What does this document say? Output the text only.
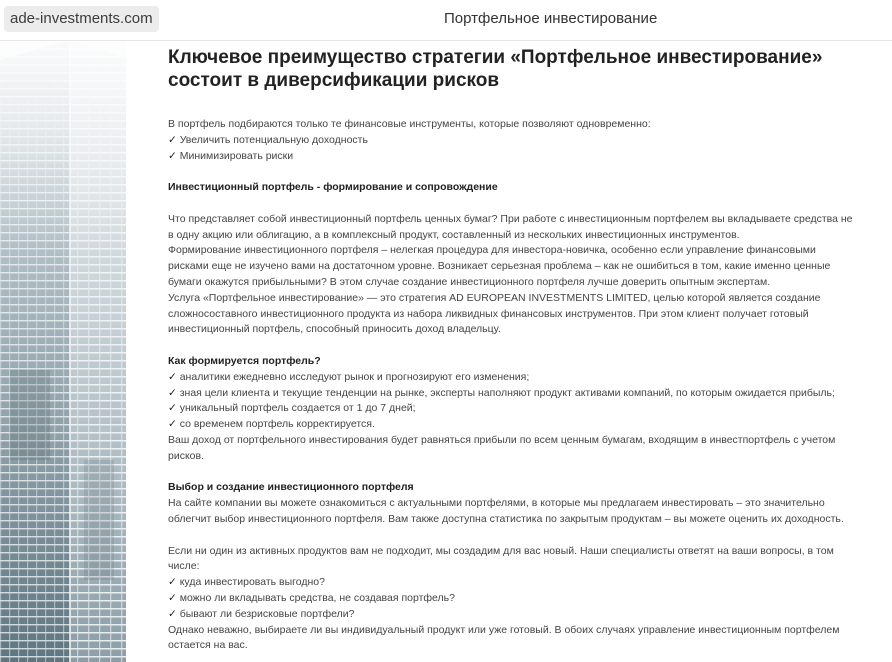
ade-investments.com	Портфельное инвестирование
Ключевое преимущество стратегии «Портфельное инвестирование»
состоит в диверсификации рисков
В портфель подбираются только те финансовые инструменты, которые позволяют одновременно:
✓ Увеличить потенциальную доходность
✓ Минимизировать риски
Инвестиционный портфель - формирование и сопровождение
Что представляет собой инвестиционный портфель ценных бумаг? При работе с инвестиционным портфелем вы вкладываете средства не
в одну акцию или облигацию, а в комплексный продукт, составленный из нескольких инвестиционных инструментов.
Формирование инвестиционного портфеля – нелегкая процедура для инвестора-новичка, особенно если управление финансовыми
рисками еще не изучено вами на достаточном уровне. Возникает серьезная проблема – как не ошибиться в том, какие именно ценные
бумаги окажутся прибыльными? В этом случае создание инвестиционного портфеля лучше доверить опытным экспертам.
Услуга «Портфельное инвестирование» — это стратегия AD EUROPEAN INVESTMENTS LIMITED, целью которой является создание
сложносоставного инвестиционного продукта из набора ликвидных финансовых инструментов. При этом клиент получает готовый
инвестиционный портфель, способный приносить доход владельцу.
Как формируется портфель?
✓ аналитики ежедневно исследуют рынок и прогнозируют его изменения;
✓ зная цели клиента и текущие тенденции на рынке, эксперты наполняют продукт активами компаний, по которым ожидается прибыль;
✓ уникальный портфель создается от 1 до 7 дней;
✓ со временем портфель корректируется.
Ваш доход от портфельного инвестирования будет равняться прибыли по всем ценным бумагам, входящим в инвестпортфель с учетом
рисков.
Выбор и создание инвестиционного портфеля
На сайте компании вы можете ознакомиться с актуальными портфелями, в которые мы предлагаем инвестировать – это значительно
облегчит выбор инвестиционного портфеля. Вам также доступна статистика по закрытым продуктам – вы можете оценить их доходность.
Если ни один из активных продуктов вам не подходит, мы создадим для вас новый. Наши специалисты ответят на ваши вопросы, в том
числе:
✓ куда инвестировать выгодно?
✓ можно ли вкладывать средства, не создавая портфель?
✓ бывают ли безрисковые портфели?
Однако неважно, выбираете ли вы индивидуальный продукт или уже готовый. В обоих случаях управление инвестиционным портфелем
остается на вас.
